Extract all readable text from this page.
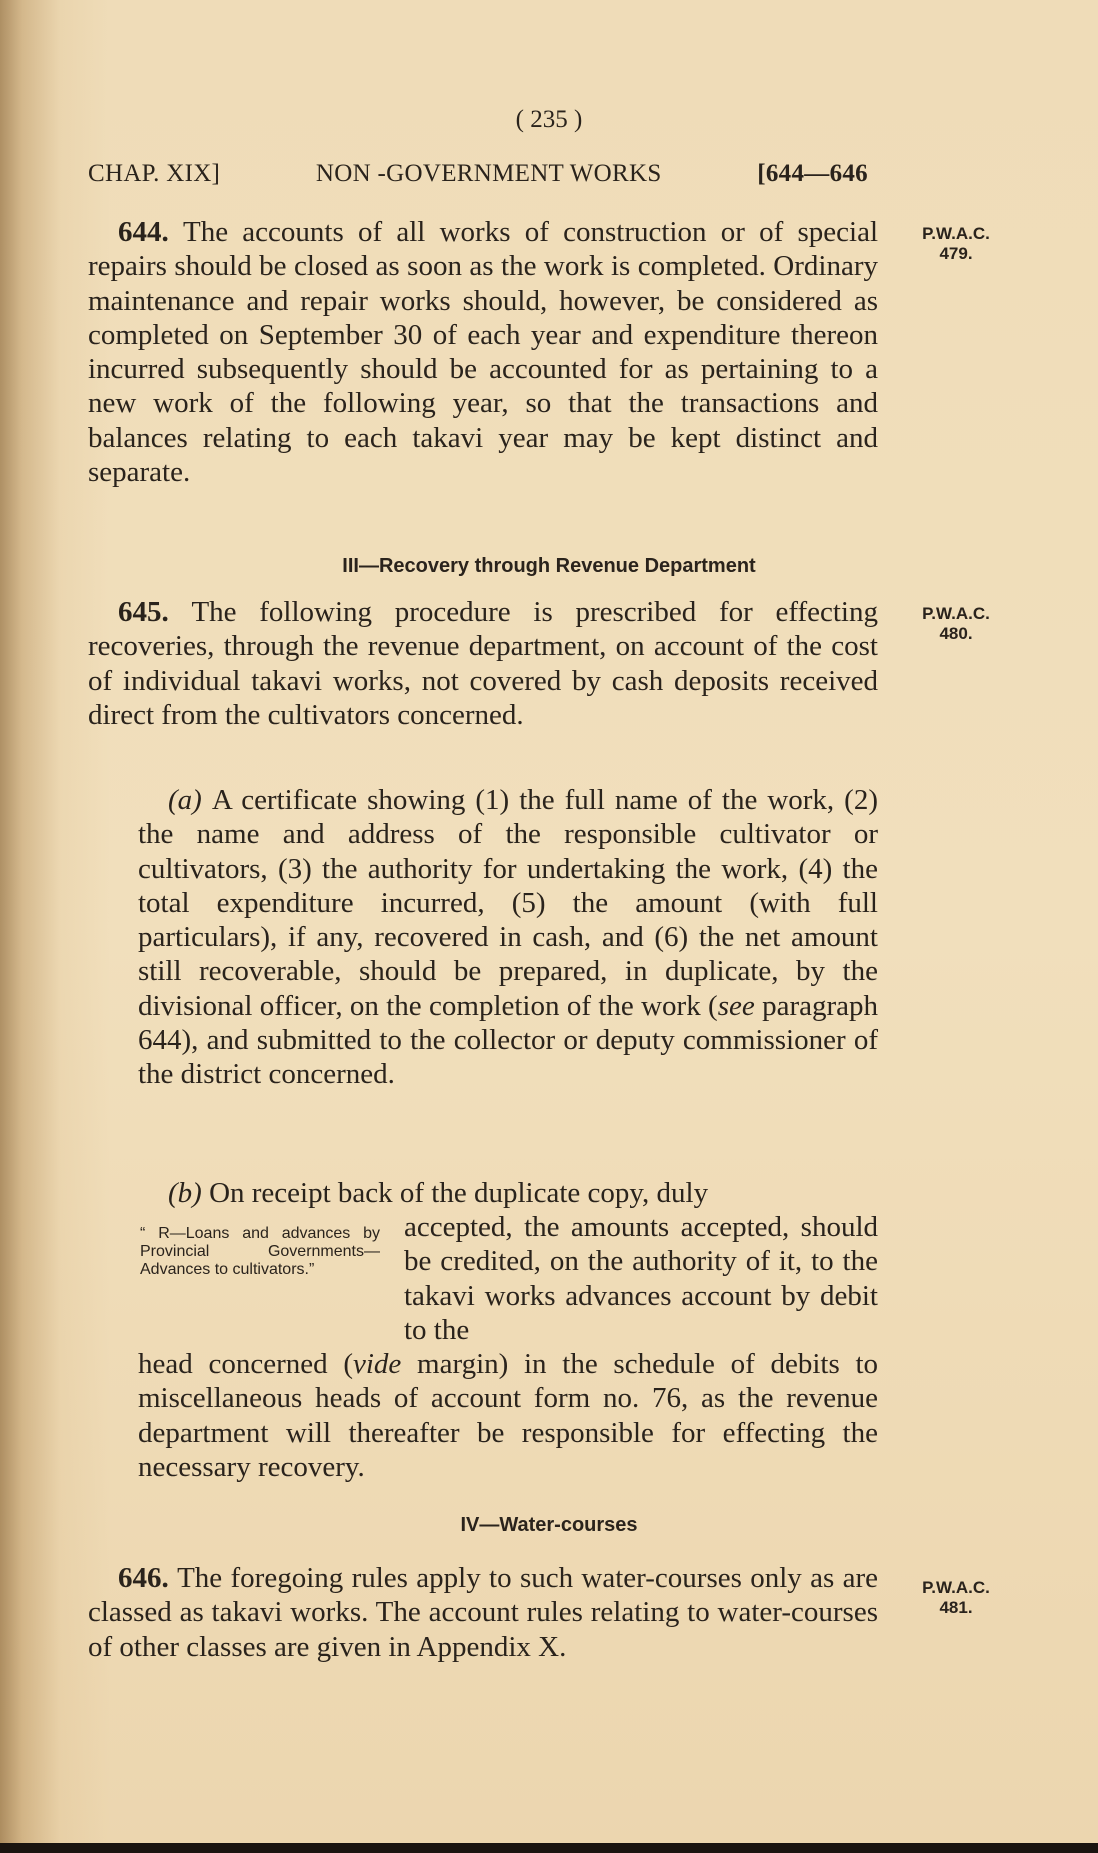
( 235 )
CHAP. XIX]	NON -GOVERNMENT WORKS	[644—646

644. The accounts of all works of construction or of special repairs should be closed as soon as the work is completed. Ordinary maintenance and repair works should, however, be considered as completed on September 30 of each year and expenditure thereon incurred subsequently should be accounted for as pertaining to a new work of the following year, so that the transactions and balances relating to each takavi year may be kept distinct and separate.

P.W.A.C.
479.
III—Recovery through Revenue Department

645. The following procedure is prescribed for effecting recoveries, through the revenue department, on account of the cost of individual takavi works, not covered by cash deposits received direct from the cultivators concerned.

P.W.A.C.
480.

(a) A certificate showing (1) the full name of the work, (2) the name and address of the responsible cultivator or cultivators, (3) the authority for undertaking the work, (4) the total expenditure incurred, (5) the amount (with full particulars), if any, recovered in cash, and (6) the net amount still recoverable, should be prepared, in duplicate, by the divisional officer, on the completion of the work (see paragraph 644), and submitted to the collector or deputy commissioner of the district concerned.

(b) On receipt back of the duplicate copy, duly

“ R—Loans and advances by Provincial Governments—Advances to cultivators.”

accepted, the amounts accepted, should be credited, on the authority of it, to the takavi works advances account by debit to the

head concerned (vide margin) in the schedule of debits to miscellaneous heads of account form no. 76, as the revenue department will thereafter be responsible for effecting the necessary recovery.

IV—Water-courses

646. The foregoing rules apply to such water-courses only as are classed as takavi works. The account rules relating to water-courses of other classes are given in Appendix X.

P.W.A.C.
481.
